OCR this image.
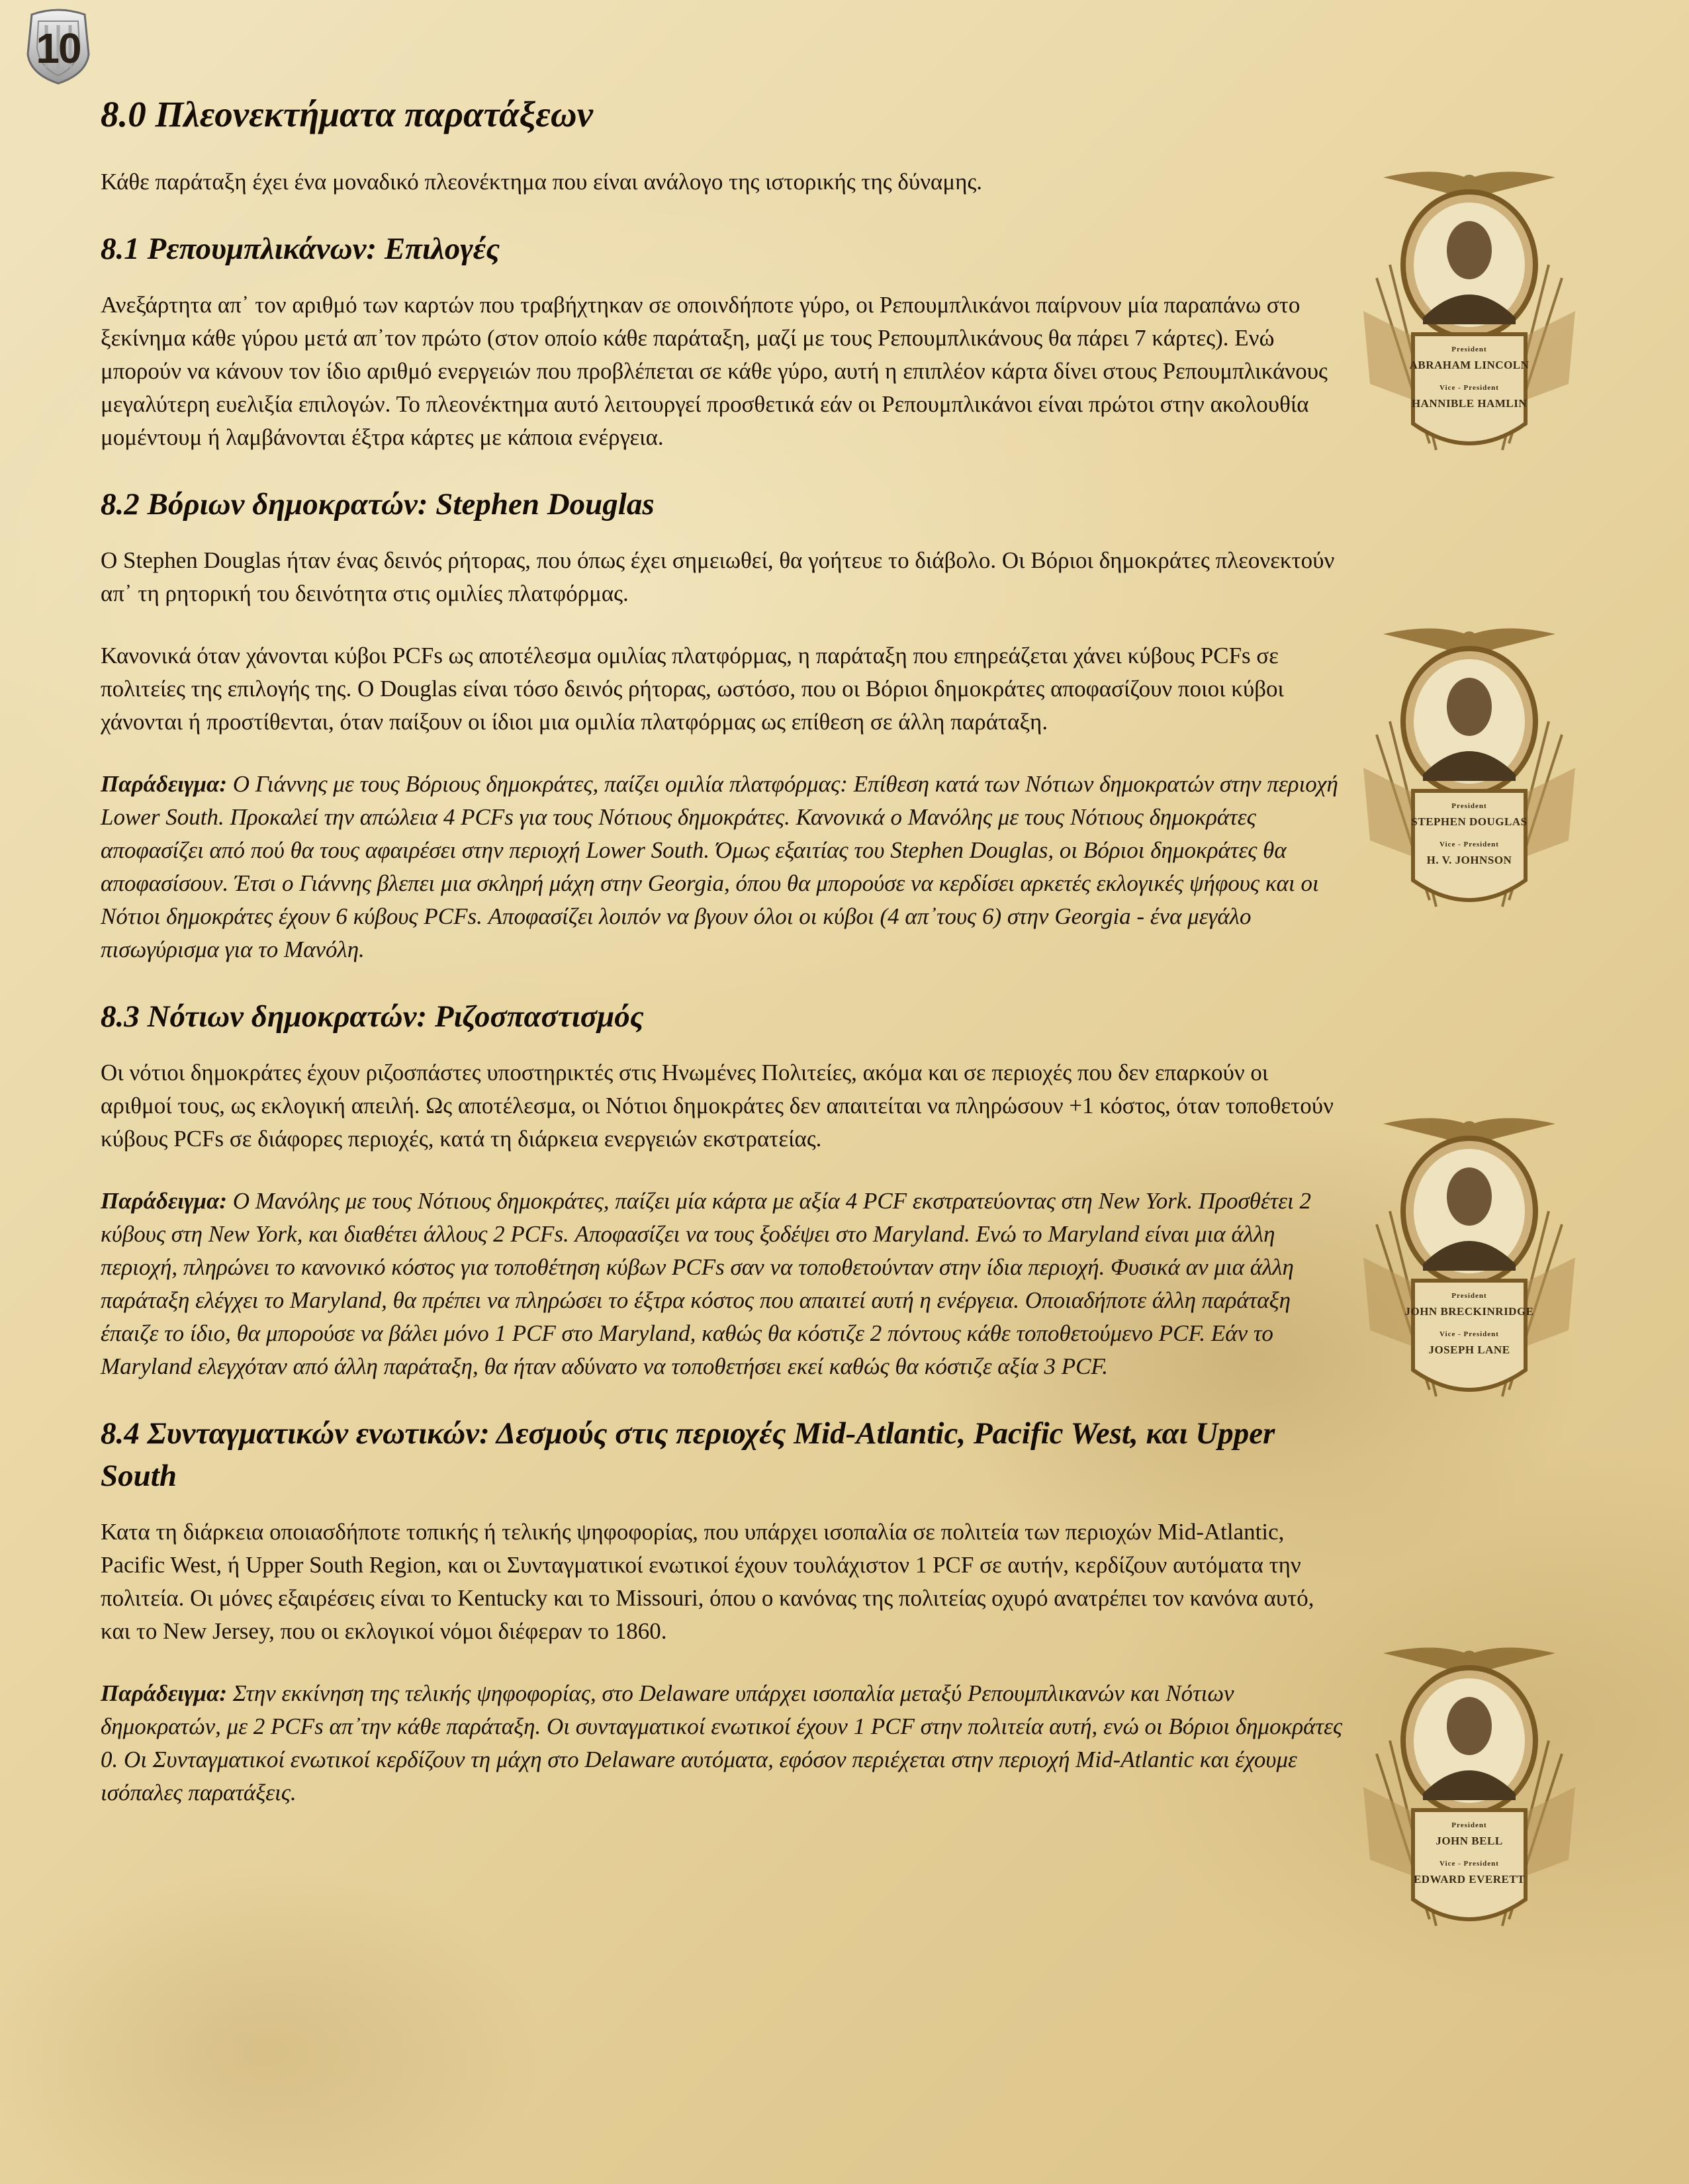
10
8.0 Πλεονεκτήματα παρατάξεων

Κάθε παράταξη έχει ένα μοναδικό πλεονέκτημα που είναι ανάλογο της ιστορικής της δύναμης.

8.1 Ρεπουμπλικάνων: Επιλογές

Ανεξάρτητα απ᾽ τον αριθμό των καρτών που τραβήχτηκαν σε οποινδήποτε γύρο, οι Ρεπουμπλικάνοι παίρνουν μία παραπάνω στο ξεκίνημα κάθε γύρου μετά απ᾽τον πρώτο (στον οποίο κάθε παράταξη, μαζί με τους Ρεπουμπλικάνους θα πάρει 7 κάρτες). Ενώ μπορούν να κάνουν τον ίδιο αριθμό ενεργειών που προβλέπεται σε κάθε γύρο, αυτή η επιπλέον κάρτα δίνει στους Ρεπουμπλικάνους μεγαλύτερη ευελιξία επιλογών. Το πλεονέκτημα αυτό λειτουργεί προσθετικά εάν οι Ρεπουμπλικάνοι είναι πρώτοι στην ακολουθία μομέντουμ ή λαμβάνονται έξτρα κάρτες με κάποια ενέργεια.

8.2 Βόριων δημοκρατών: Stephen Douglas

Ο Stephen Douglas ήταν ένας δεινός ρήτορας, που όπως έχει σημειωθεί, θα γοήτευε το διάβολο. Οι Βόριοι δημοκράτες πλεονεκτούν απ᾽ τη ρητορική του δεινότητα στις ομιλίες πλατφόρμας.

Κανονικά όταν χάνονται κύβοι PCFs ως αποτέλεσμα ομιλίας πλατφόρμας, η παράταξη που επηρεάζεται χάνει κύβους PCFs σε πολιτείες της επιλογής της. Ο Douglas είναι τόσο δεινός ρήτορας, ωστόσο, που οι Βόριοι δημοκράτες αποφασίζουν ποιοι κύβοι χάνονται ή προστίθενται, όταν παίξουν οι ίδιοι μια ομιλία πλατφόρμας ως επίθεση σε άλλη παράταξη.

Παράδειγμα: Ο Γιάννης με τους Βόριους δημοκράτες, παίζει ομιλία πλατφόρμας: Επίθεση κατά των Νότιων δημοκρατών στην περιοχή Lower South. Προκαλεί την απώλεια 4 PCFs για τους Νότιους δημοκράτες. Κανονικά ο Μανόλης με τους Νότιους δημοκράτες αποφασίζει από πού θα τους αφαιρέσει στην περιοχή Lower South. Όμως εξαιτίας του Stephen Douglas, οι Βόριοι δημοκράτες θα αποφασίσουν. Έτσι ο Γιάννης βλεπει μια σκληρή μάχη στην Georgia, όπου θα μπορούσε να κερδίσει αρκετές εκλογικές ψήφους και οι Νότιοι δημοκράτες έχουν 6 κύβους PCFs. Αποφασίζει λοιπόν να βγουν όλοι οι κύβοι (4 απ᾽τους 6) στην Georgia - ένα μεγάλο πισωγύρισμα για το Μανόλη.

8.3 Νότιων δημοκρατών: Ριζοσπαστισμός

Οι νότιοι δημοκράτες έχουν ριζοσπάστες υποστηρικτές στις Ηνωμένες Πολιτείες, ακόμα και σε περιοχές που δεν επαρκούν οι αριθμοί τους, ως εκλογική απειλή. Ως αποτέλεσμα, οι Νότιοι δημοκράτες δεν απαιτείται να πληρώσουν +1 κόστος, όταν τοποθετούν κύβους PCFs σε διάφορες περιοχές, κατά τη διάρκεια ενεργειών εκστρατείας.

Παράδειγμα: Ο Μανόλης με τους Νότιους δημοκράτες, παίζει μία κάρτα με αξία 4 PCF εκστρατεύοντας στη New York. Προσθέτει 2 κύβους στη New York, και διαθέτει άλλους 2 PCFs. Αποφασίζει να τους ξοδέψει στο Maryland. Ενώ το Maryland είναι μια άλλη περιοχή, πληρώνει το κανονικό κόστος για τοποθέτηση κύβων PCFs σαν να τοποθετούνταν στην ίδια περιοχή. Φυσικά αν μια άλλη παράταξη ελέγχει το Maryland, θα πρέπει να πληρώσει το έξτρα κόστος που απαιτεί αυτή η ενέργεια. Οποιαδήποτε άλλη παράταξη έπαιζε το ίδιο, θα μπορούσε να βάλει μόνο 1 PCF στο Maryland, καθώς θα κόστιζε 2 πόντους κάθε τοποθετούμενο PCF. Εάν το Maryland ελεγχόταν από άλλη παράταξη, θα ήταν αδύνατο να τοποθετήσει εκεί καθώς θα κόστιζε αξία 3 PCF.

8.4 Συνταγματικών ενωτικών: Δεσμούς στις περιοχές Mid-Atlantic, Pacific West, και Upper South

Κατα τη διάρκεια οποιασδήποτε τοπικής ή τελικής ψηφοφορίας, που υπάρχει ισοπαλία σε πολιτεία των περιοχών Mid-Atlantic, Pacific West, ή Upper South Region, και οι Συνταγματικοί ενωτικοί έχουν τουλάχιστον 1 PCF σε αυτήν, κερδίζουν αυτόματα την πολιτεία. Οι μόνες εξαιρέσεις είναι το Kentucky και το Missouri, όπου ο κανόνας της πολιτείας οχυρό ανατρέπει τον κανόνα αυτό, και το New Jersey, που οι εκλογικοί νόμοι διέφεραν το 1860.

Παράδειγμα: Στην εκκίνηση της τελικής ψηφοφορίας, στο Delaware υπάρχει ισοπαλία μεταξύ Ρεπουμπλικανών και Νότιων δημοκρατών, με 2 PCFs απ᾽την κάθε παράταξη. Οι συνταγματικοί ενωτικοί έχουν 1 PCF στην πολιτεία αυτή, ενώ οι Βόριοι δημοκράτες 0. Οι Συνταγματικοί ενωτικοί κερδίζουν τη μάχη στο Delaware αυτόματα, εφόσον περιέχεται στην περιοχή Mid-Atlantic και έχουμε ισόπαλες παρατάξεις.

President
ABRAHAM LINCOLN
Vice - President
HANNIBLE HAMLIN
President
STEPHEN DOUGLAS
Vice - President
H. V. JOHNSON
President
JOHN BRECKINRIDGE
Vice - President
JOSEPH LANE
President
JOHN BELL
Vice - President
EDWARD EVERETT
